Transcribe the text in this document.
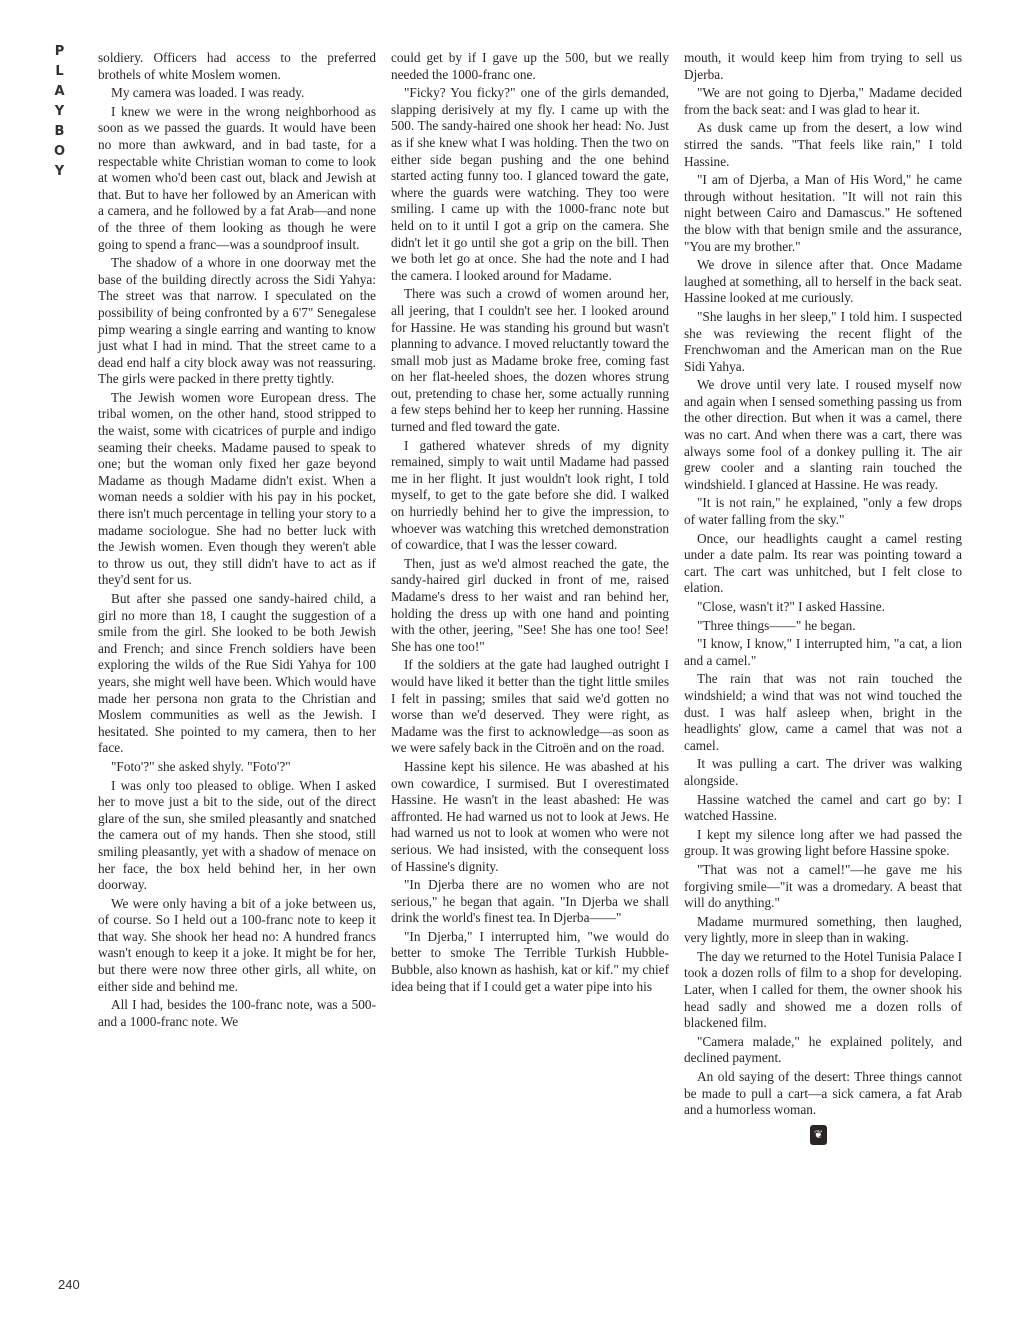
PLAYBOY soldiery. Officers had access to the preferred brothels of white Moslem women.

My camera was loaded. I was ready.

I knew we were in the wrong neighborhood as soon as we passed the guards. It would have been no more than awkward, and in bad taste, for a respectable white Christian woman to come to look at women who'd been cast out, black and Jewish at that. But to have her followed by an American with a camera, and he followed by a fat Arab—and none of the three of them looking as though he were going to spend a franc—was a soundproof insult.

The shadow of a whore in one doorway met the base of the building directly across the Sidi Yahya: The street was that narrow. I speculated on the possibility of being confronted by a 6'7" Senegalese pimp wearing a single earring and wanting to know just what I had in mind. That the street came to a dead end half a city block away was not reassuring. The girls were packed in there pretty tightly.

The Jewish women wore European dress. The tribal women, on the other hand, stood stripped to the waist, some with cicatrices of purple and indigo seaming their cheeks. Madame paused to speak to one; but the woman only fixed her gaze beyond Madame as though Madame didn't exist. When a woman needs a soldier with his pay in his pocket, there isn't much percentage in telling your story to a madame sociologue. She had no better luck with the Jewish women. Even though they weren't able to throw us out, they still didn't have to act as if they'd sent for us.

But after she passed one sandy-haired child, a girl no more than 18, I caught the suggestion of a smile from the girl. She looked to be both Jewish and French; and since French soldiers have been exploring the wilds of the Rue Sidi Yahya for 100 years, she might well have been. Which would have made her persona non grata to the Christian and Moslem communities as well as the Jewish. I hesitated. She pointed to my camera, then to her face.

"Foto'?" she asked shyly. "Foto'?"

I was only too pleased to oblige. When I asked her to move just a bit to the side, out of the direct glare of the sun, she smiled pleasantly and snatched the camera out of my hands. Then she stood, still smiling pleasantly, yet with a shadow of menace on her face, the box held behind her, in her own doorway.

We were only having a bit of a joke between us, of course. So I held out a 100-franc note to keep it that way. She shook her head no: A hundred francs wasn't enough to keep it a joke. It might be for her, but there were now three other girls, all white, on either side and behind me.

All I had, besides the 100-franc note, was a 500- and a 1000-franc note. We

could get by if I gave up the 500, but we really needed the 1000-franc one.

"Ficky? You ficky?" one of the girls demanded, slapping derisively at my fly. I came up with the 500. The sandy-haired one shook her head: No. Just as if she knew what I was holding. Then the two on either side began pushing and the one behind started acting funny too. I glanced toward the gate, where the guards were watching. They too were smiling. I came up with the 1000-franc note but held on to it until I got a grip on the camera. She didn't let it go until she got a grip on the bill. Then we both let go at once. She had the note and I had the camera. I looked around for Madame.

There was such a crowd of women around her, all jeering, that I couldn't see her. I looked around for Hassine. He was standing his ground but wasn't planning to advance. I moved reluctantly toward the small mob just as Madame broke free, coming fast on her flat-heeled shoes, the dozen whores strung out, pretending to chase her, some actually running a few steps behind her to keep her running. Hassine turned and fled toward the gate.

I gathered whatever shreds of my dignity remained, simply to wait until Madame had passed me in her flight. It just wouldn't look right, I told myself, to get to the gate before she did. I walked on hurriedly behind her to give the impression, to whoever was watching this wretched demonstration of cowardice, that I was the lesser coward.

Then, just as we'd almost reached the gate, the sandy-haired girl ducked in front of me, raised Madame's dress to her waist and ran behind her, holding the dress up with one hand and pointing with the other, jeering, "See! She has one too! See! She has one too!"

If the soldiers at the gate had laughed outright I would have liked it better than the tight little smiles I felt in passing; smiles that said we'd gotten no worse than we'd deserved. They were right, as Madame was the first to acknowledge—as soon as we were safely back in the Citroën and on the road.

Hassine kept his silence. He was abashed at his own cowardice, I surmised. But I overestimated Hassine. He wasn't in the least abashed: He was affronted. He had warned us not to look at Jews. He had warned us not to look at women who were not serious. We had insisted, with the consequent loss of Hassine's dignity.

"In Djerba there are no women who are not serious," he began that again. "In Djerba we shall drink the world's finest tea. In Djerba——"

"In Djerba," I interrupted him, "we would do better to smoke The Terrible Turkish Hubble-Bubble, also known as hashish, kat or kif." my chief idea being that if I could get a water pipe into his

mouth, it would keep him from trying to sell us Djerba.

"We are not going to Djerba," Madame decided from the back seat: and I was glad to hear it.

As dusk came up from the desert, a low wind stirred the sands. "That feels like rain," I told Hassine.

"I am of Djerba, a Man of His Word," he came through without hesitation. "It will not rain this night between Cairo and Damascus." He softened the blow with that benign smile and the assurance, "You are my brother."

We drove in silence after that. Once Madame laughed at something, all to herself in the back seat. Hassine looked at me curiously.

"She laughs in her sleep," I told him. I suspected she was reviewing the recent flight of the Frenchwoman and the American man on the Rue Sidi Yahya.

We drove until very late. I roused myself now and again when I sensed something passing us from the other direction. But when it was a camel, there was no cart. And when there was a cart, there was always some fool of a donkey pulling it. The air grew cooler and a slanting rain touched the windshield. I glanced at Hassine. He was ready.

"It is not rain," he explained, "only a few drops of water falling from the sky."

Once, our headlights caught a camel resting under a date palm. Its rear was pointing toward a cart. The cart was unhitched, but I felt close to elation.

"Close, wasn't it?" I asked Hassine.

"Three things——" he began.

"I know, I know," I interrupted him, "a cat, a lion and a camel."

The rain that was not rain touched the windshield; a wind that was not wind touched the dust. I was half asleep when, bright in the headlights' glow, came a camel that was not a camel.

It was pulling a cart. The driver was walking alongside.

Hassine watched the camel and cart go by: I watched Hassine.

I kept my silence long after we had passed the group. It was growing light before Hassine spoke.

"That was not a camel!"—he gave me his forgiving smile—"it was a dromedary. A beast that will do anything."

Madame murmured something, then laughed, very lightly, more in sleep than in waking.

The day we returned to the Hotel Tunisia Palace I took a dozen rolls of film to a shop for developing. Later, when I called for them, the owner shook his head sadly and showed me a dozen rolls of blackened film.

"Camera malade," he explained politely, and declined payment.

An old saying of the desert: Three things cannot be made to pull a cart—a sick camera, a fat Arab and a humorless woman.

❦
240
